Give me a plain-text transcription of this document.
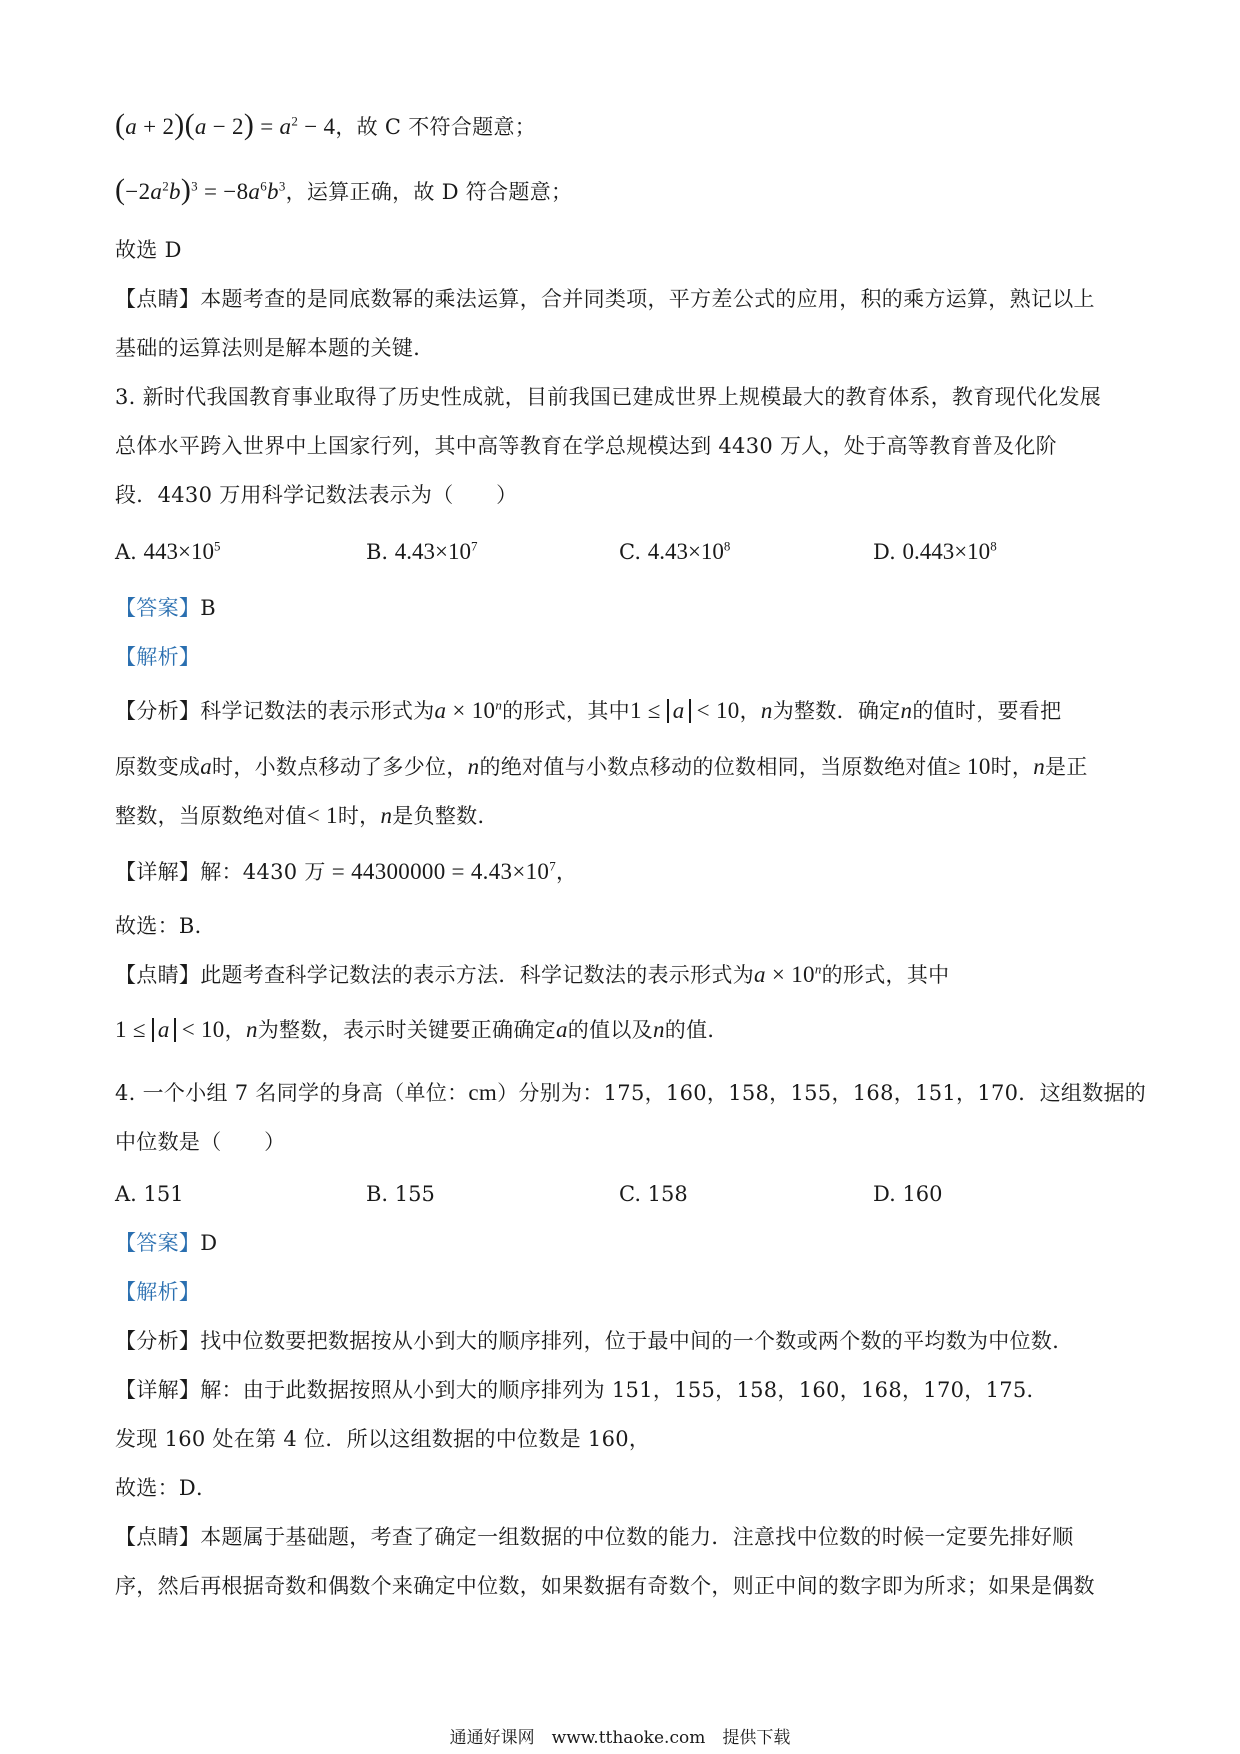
$(a + 2)(a - 2) = a^2 - 4$，故 C 不符合题意；
$(-2a^2b)^3 = -8a^6b^3$，运算正确，故 D 符合题意；
故选 D
【点睛】本题考查的是同底数幂的乘法运算，合并同类项，平方差公式的应用，积的乘方运算，熟记以上
基础的运算法则是解本题的关键．
3. 新时代我国教育事业取得了历史性成就，目前我国已建成世界上规模最大的教育体系，教育现代化发展
总体水平跨入世界中上国家行列，其中高等教育在学总规模达到 4430 万人，处于高等教育普及化阶
段．4430 万用科学记数法表示为（　　）
A. $443\times 10^5$	B. $4.43\times 10^7$	C. $4.43\times 10^8$	D. $0.443\times 10^8$
【答案】B
【解析】
【分析】科学记数法的表示形式为$a \times 10^n$的形式，其中1 ≤ a < 10，n为整数．确定n的值时，要看把
原数变成a时，小数点移动了多少位，n的绝对值与小数点移动的位数相同，当原数绝对值≥ 10时，n是正
整数，当原数绝对值< 1时，n是负整数．
【详解】解：4430 万 = $44300000 = 4.43\times 10^7$，
故选：B．
【点睛】此题考查科学记数法的表示方法．科学记数法的表示形式为$a \times 10^n$的形式，其中
1 ≤ a < 10，n为整数，表示时关键要正确确定a的值以及n的值．
4. 一个小组 7 名同学的身高（单位：cm）分别为：175，160，158，155，168，151，170．这组数据的
中位数是（　　）
A. 151	B. 155	C. 158	D. 160
【答案】D
【解析】
【分析】找中位数要把数据按从小到大的顺序排列，位于最中间的一个数或两个数的平均数为中位数．
【详解】解：由于此数据按照从小到大的顺序排列为 151，155，158，160，168，170，175．
发现 160 处在第 4 位．所以这组数据的中位数是 160，
故选：D．
【点睛】本题属于基础题，考查了确定一组数据的中位数的能力．注意找中位数的时候一定要先排好顺
序，然后再根据奇数和偶数个来确定中位数，如果数据有奇数个，则正中间的数字即为所求；如果是偶数
通通好课网　www.tthaoke.com　提供下载
